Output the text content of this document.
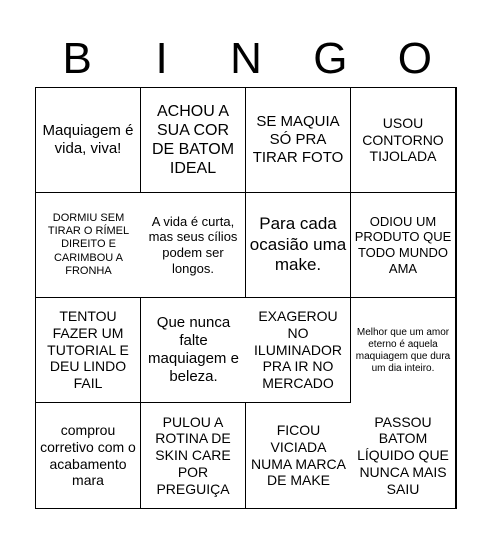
B	I	N	G	O
Maquiagem é vida, viva!
ACHOU A SUA COR DE BATOM IDEAL
SE MAQUIA SÓ PRA TIRAR FOTO
USOU CONTORNO TIJOLADA
DORMIU SEM TIRAR O RÍMEL DIREITO E CARIMBOU A FRONHA
A vida é curta, mas seus cílios podem ser longos.
Para cada ocasião uma make.
ODIOU UM PRODUTO QUE TODO MUNDO AMA
TENTOU FAZER UM TUTORIAL E DEU LINDO FAIL
Que nunca falte maquiagem e beleza.
EXAGEROU NO ILUMINADOR PRA IR NO MERCADO
Melhor que um amor eterno é aquela maquiagem que dura um dia inteiro.
comprou corretivo com o acabamento mara
PULOU A ROTINA DE SKIN CARE POR PREGUIÇA
FICOU VICIADA NUMA MARCA DE MAKE
PASSOU BATOM LÍQUIDO QUE NUNCA MAIS SAIU
